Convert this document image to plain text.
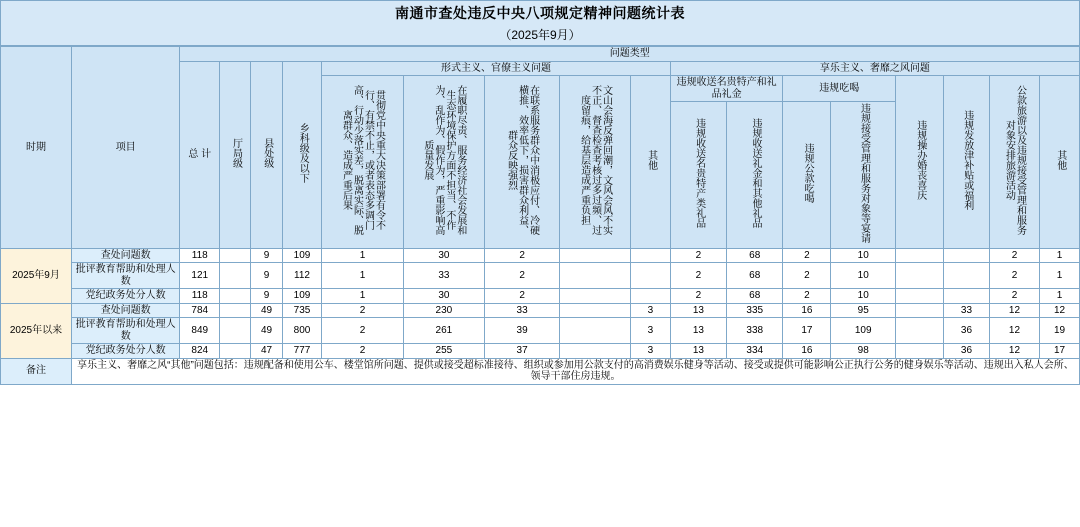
南通市查处违反中央八项规定精神问题统计表
（2025年9月）
时期	项目	问题类型																
		总 计	厅局级	县处级	乡科级及以下	形式主义、官僚主义问题					享乐主义、奢靡之风问题							
						贯彻党中央重大决策部署有令不行、有禁不止，或者表态多调门高、行动少落实差，脱离实际、脱离群众、造成严重后果	在履职尽责、服务经济社会发展和生态环境保护方面不担当、不作为、乱作为、假作为，严重影响高质量发展	在联系服务群众中消极应付、冷硬横推、效率低下，损害群众利益、群众反映强烈	文山会海反弹回潮，文风会风不实不正、督查检查考核过多过频、过度留痕，给基层造成严重负担	其他	违规收送名贵特产和礼品礼金		违规吃喝		违规操办婚丧喜庆	违规发放津补贴或福利	公款旅游以及违规接受管理和服务对象安排旅游活动	其他
											违规收送名贵特产类礼品	违规收送礼金和其他礼品	违规公款吃喝	违规接受管理和服务对象等宴请				
2025年9月	查处问题数	118		9	109	1	30	2			2	68	2	10			2	1
	批评教育帮助和处理人数	121		9	112	1	33	2			2	68	2	10			2	1
	党纪政务处分人数	118		9	109	1	30	2			2	68	2	10			2	1
2025年以来	查处问题数	784		49	735	2	230	33		3	13	335	16	95		33	12	12
	批评教育帮助和处理人数	849		49	800	2	261	39		3	13	338	17	109		36	12	19
	党纪政务处分人数	824		47	777	2	255	37		3	13	334	16	98		36	12	17
备注	享乐主义、奢靡之风“其他”问题包括：违规配备和使用公车、楼堂馆所问题、提供或接受超标准接待、组织或参加用公款支付的高消费娱乐健身等活动、接受或提供可能影响公正执行公务的健身娱乐等活动、违规出入私人会所、领导干部住房违规。																	
